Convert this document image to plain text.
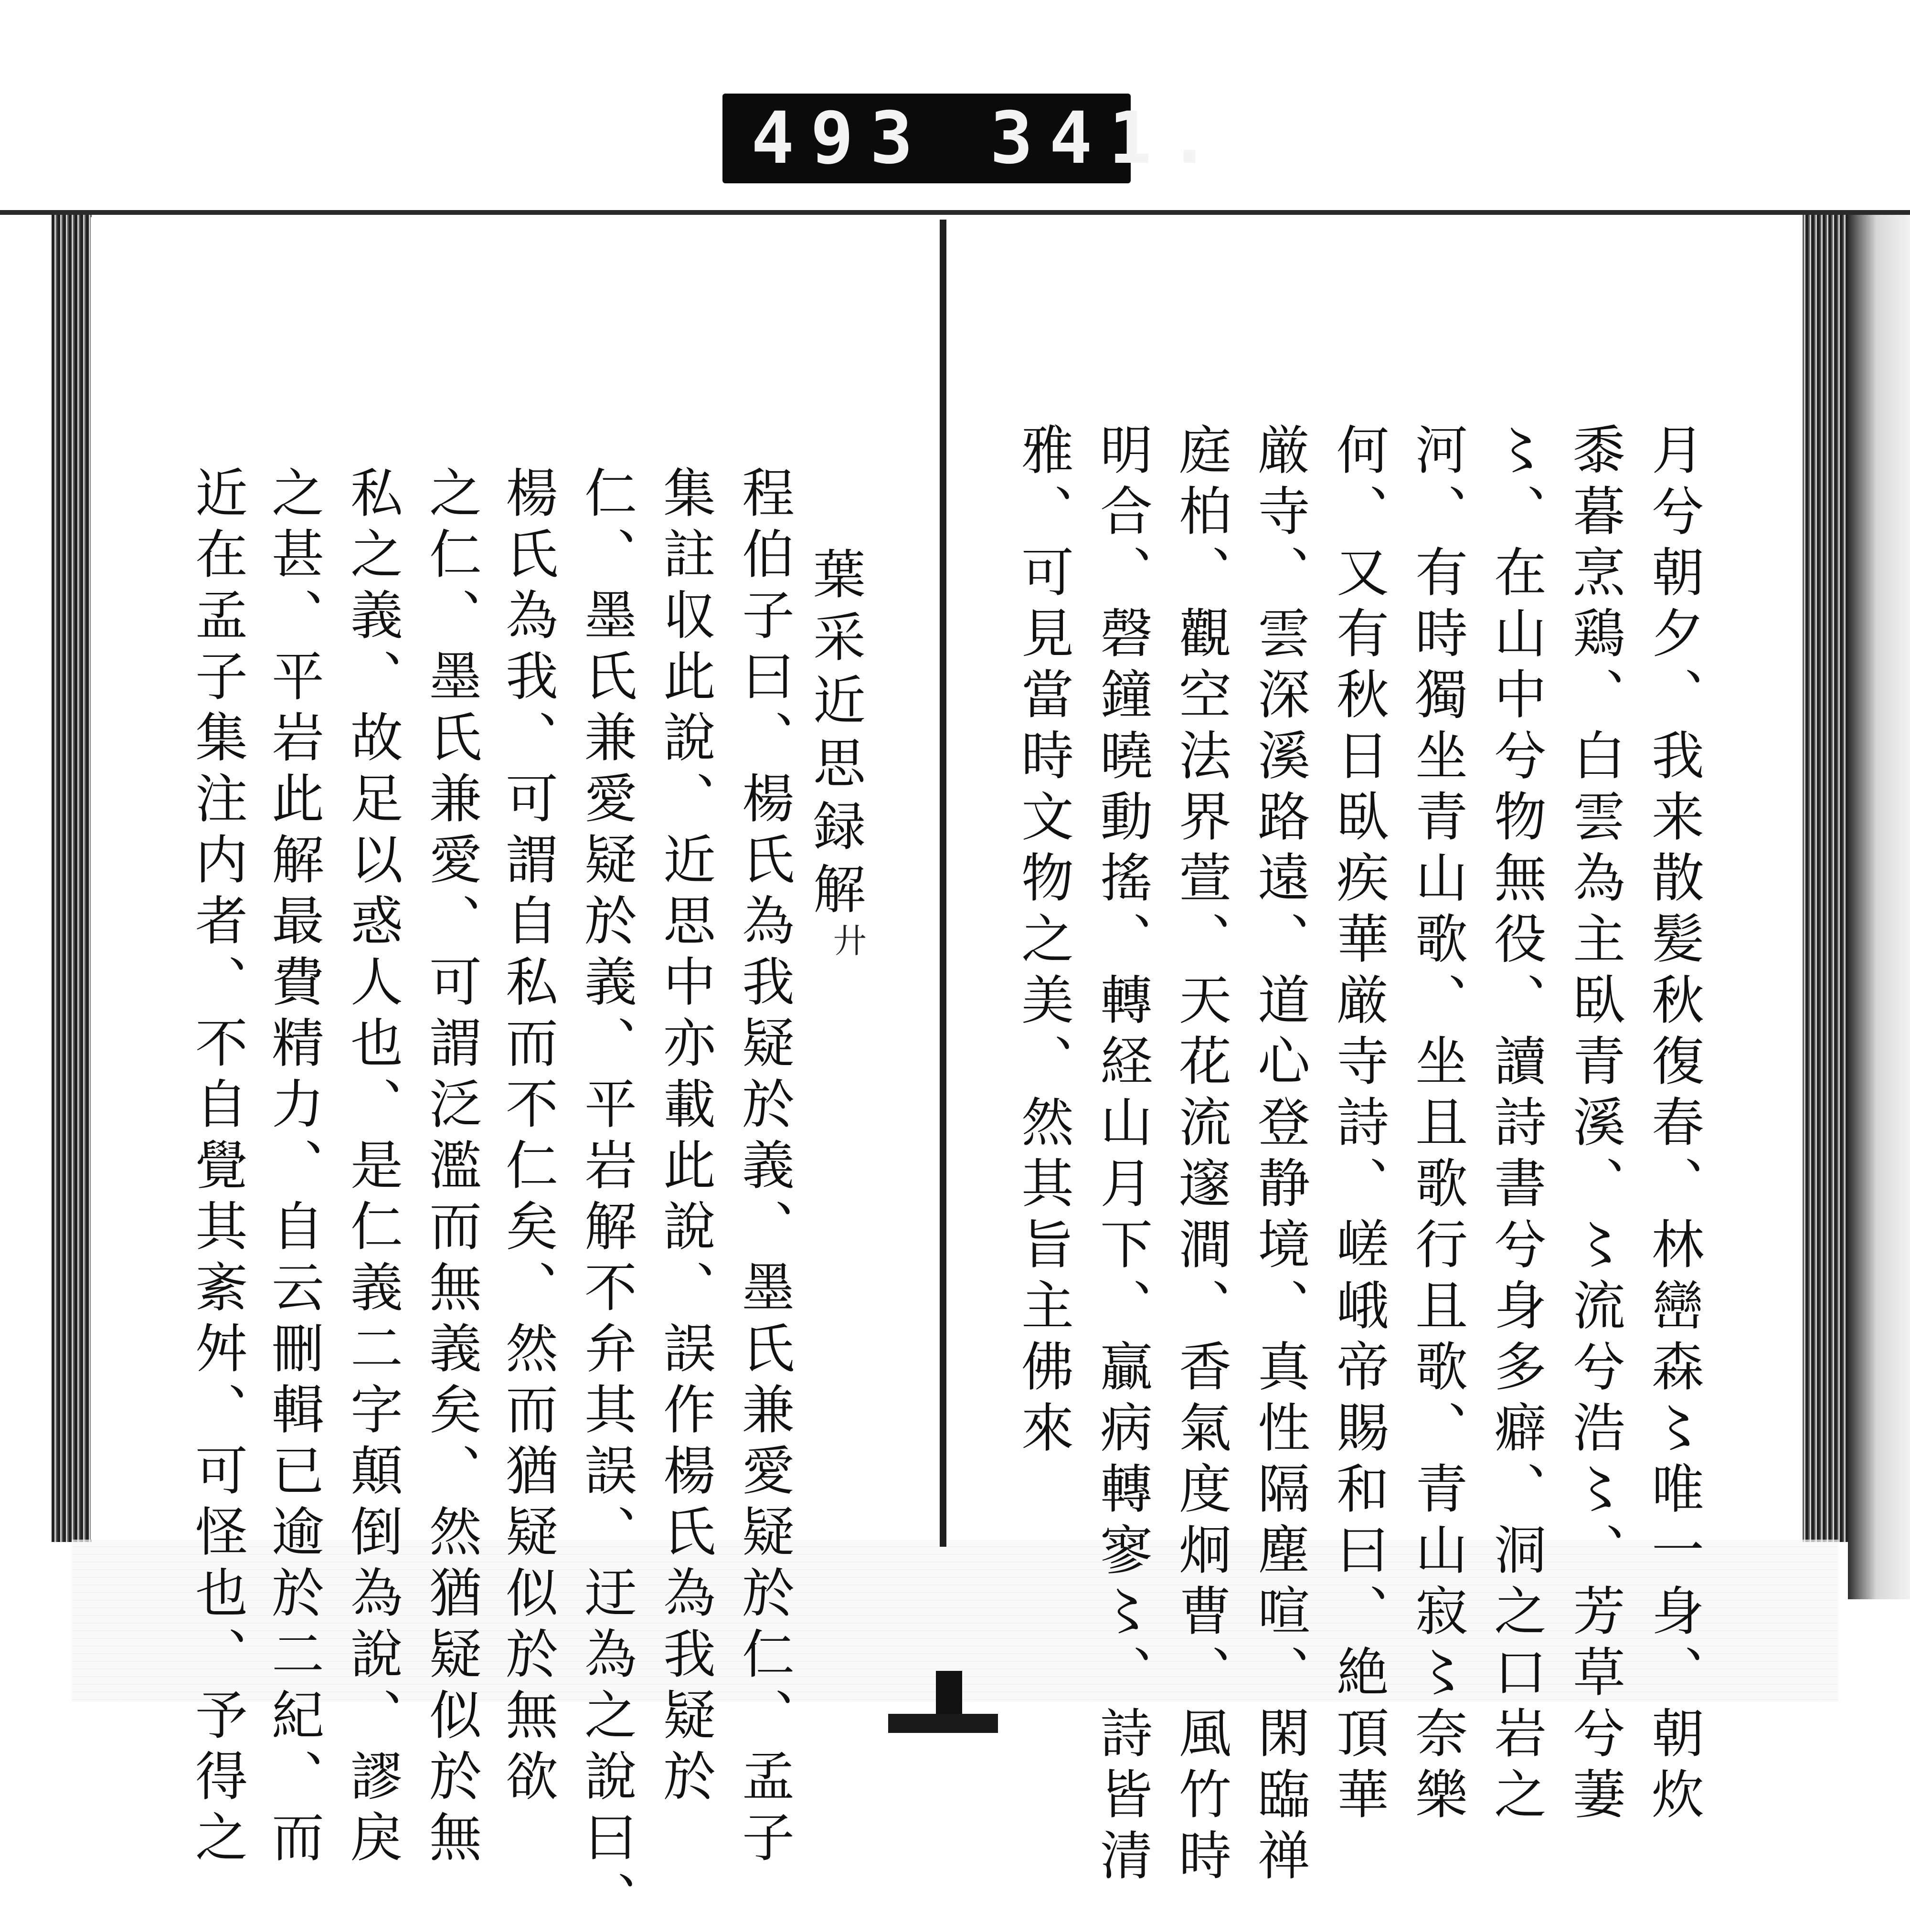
493 341.
葉采近思録解
廾
程伯子曰、楊氏為我疑於義、墨氏兼愛疑於仁、孟子
集註収此說、近思中亦載此說、誤作楊氏為我疑於
仁、墨氏兼愛疑於義、平岩解不弁其誤、迂為之說曰、
楊氏為我、可謂自私而不仁矣、然而猶疑似於無欲
之仁、墨氏兼愛、可謂泛濫而無義矣、然猶疑似於無
私之義、故足以惑人也、是仁義二字顛倒為說、謬戾
之甚、平岩此解最費精力、自云刪輯已逾於二紀、而
近在孟子集注内者、不自覺其紊舛、可怪也、予得之	月兮朝夕、我来散髪秋復春、林巒森〻唯一身、朝炊
黍暮烹鶏、白雲為主臥青溪、〻流兮浩〻、芳草兮萋
〻、在山中兮物無役、讀詩書兮身多癖、洞之口岩之
河、有時獨坐青山歌、坐且歌行且歌、青山寂〻奈樂
何、又有秋日臥疾華厳寺詩、嵯峨帝賜和曰、絶頂華
厳寺、雲深溪路遠、道心登静境、真性隔塵喧、閑臨禅
庭柏、觀空法界萱、天花流邃澗、香氣度炯曹、風竹時
明合、磬鐘曉動搖、轉経山月下、贏病轉寥〻、詩皆清
雅、可見當時文物之美、然其旨主佛來
